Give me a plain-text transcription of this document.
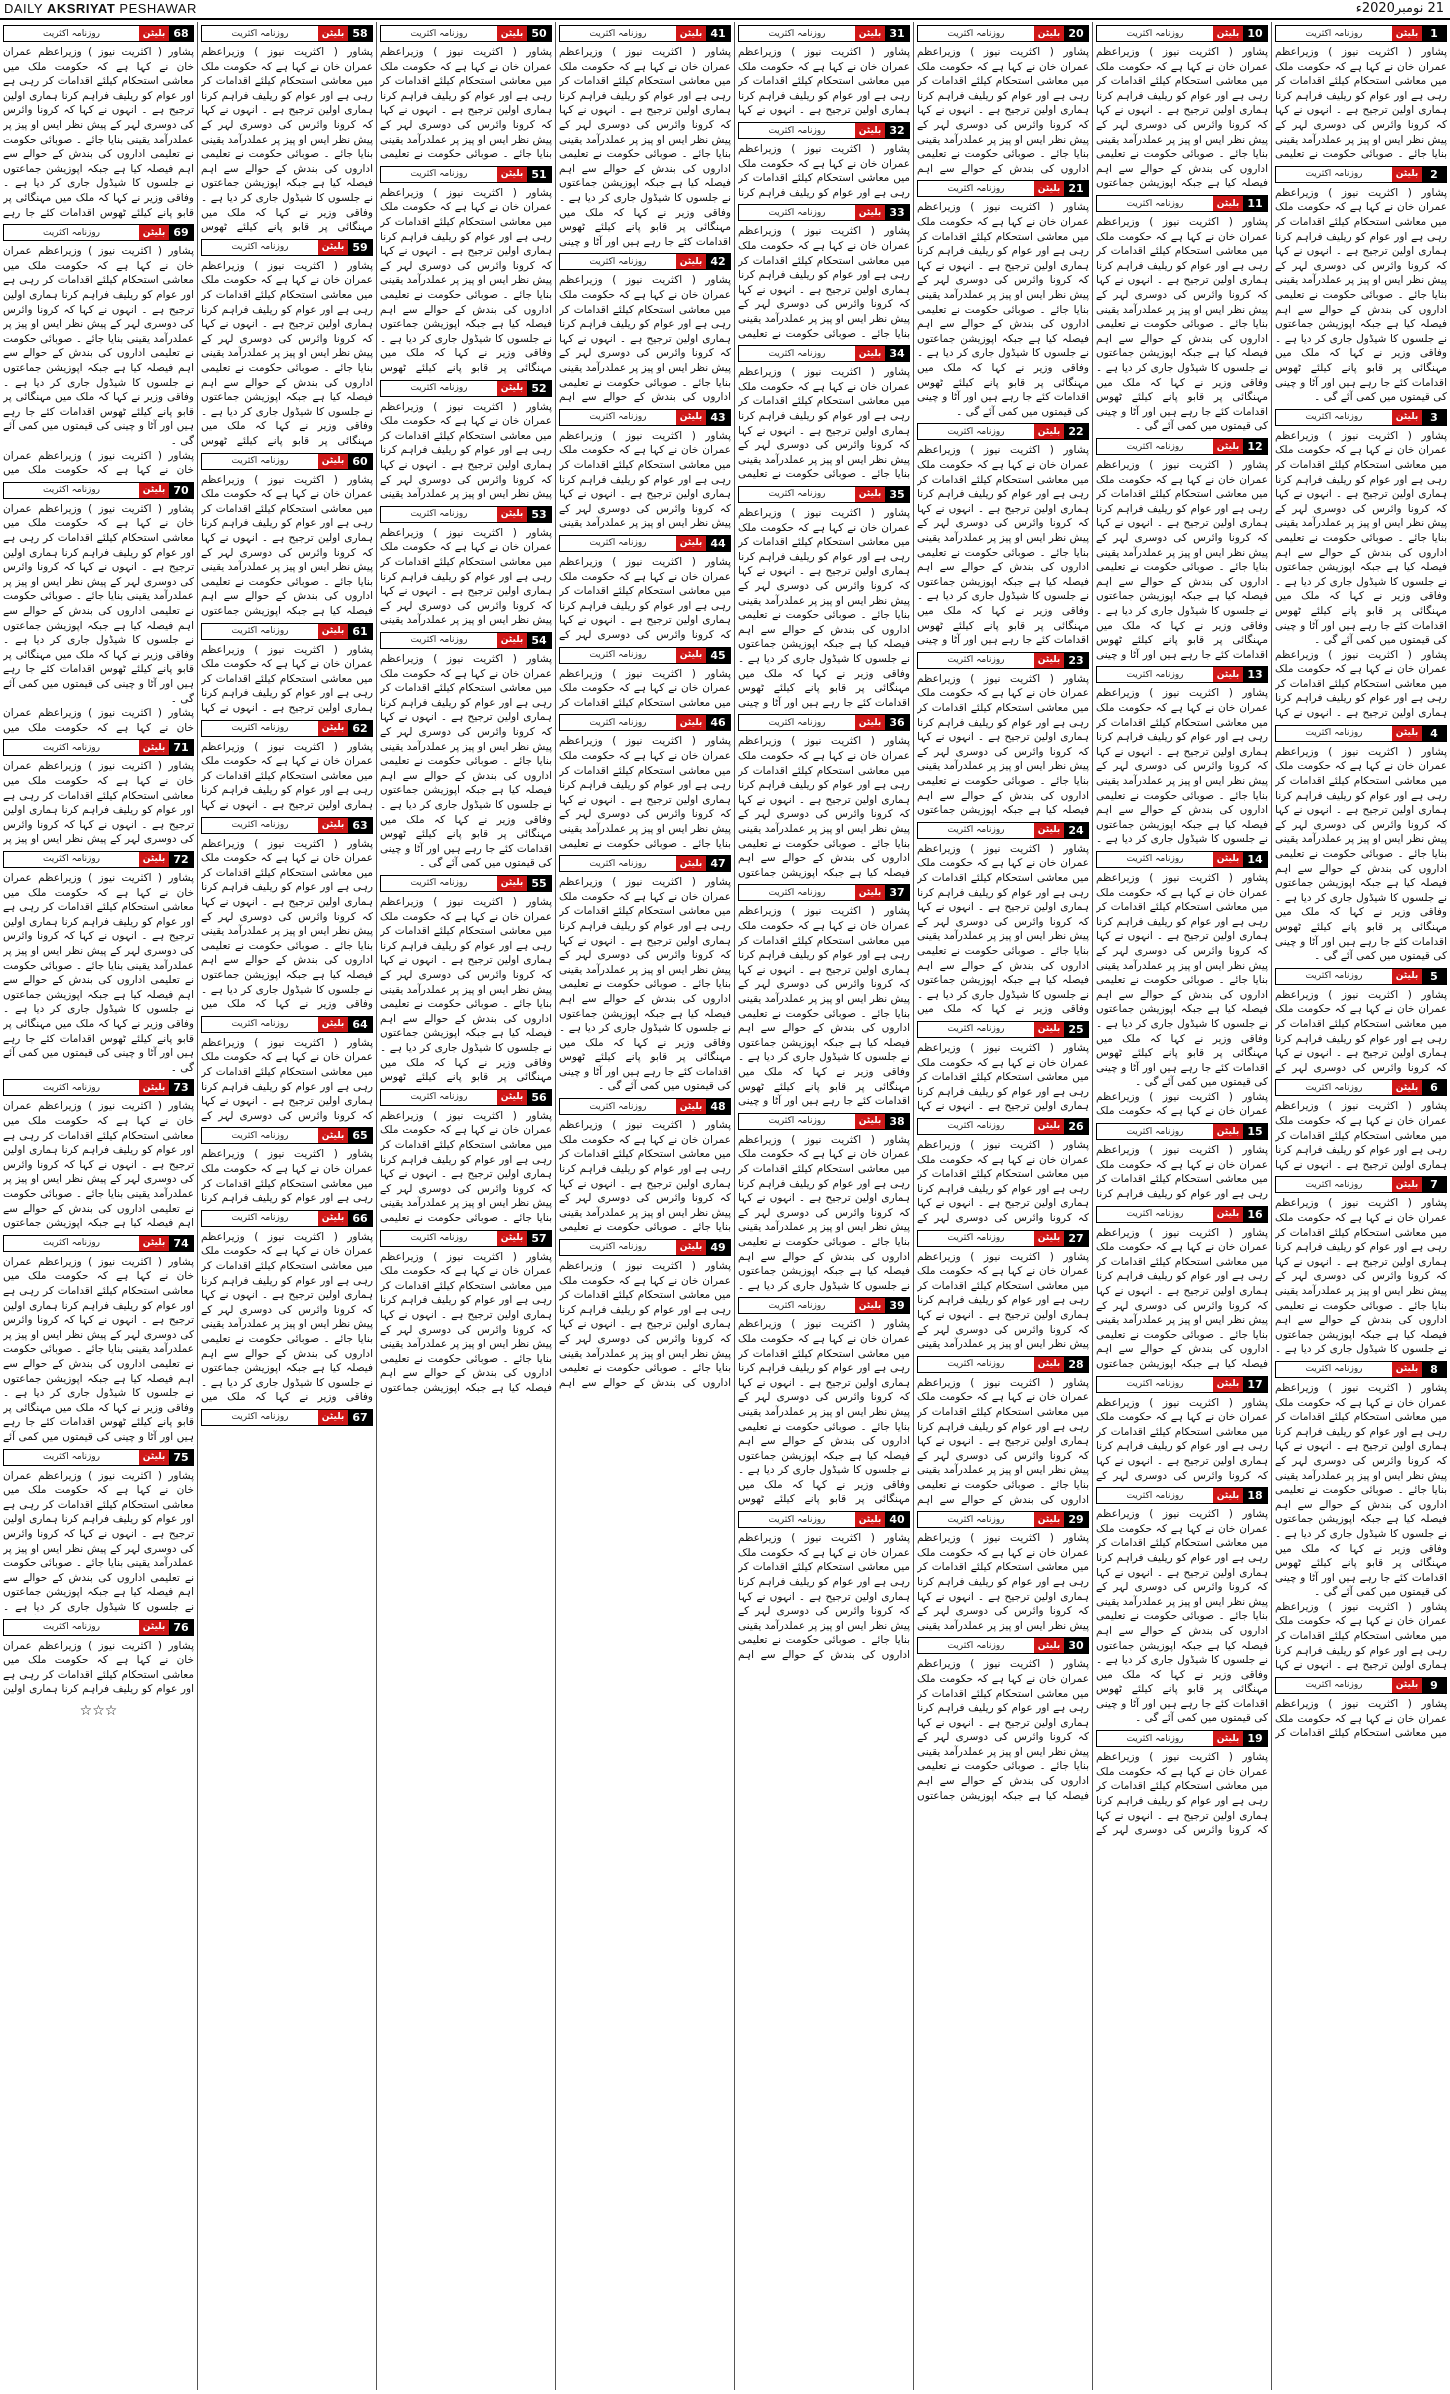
DAILY AKSRIYAT PESHAWAR	21 نومبر2020ء
1
بلیٹن
روزنامہ اکثریت

پشاور ( اکثریت نیوز ) وزیراعظم عمران خان نے کہا ہے کہ حکومت ملک میں معاشی استحکام کیلئے اقدامات کر رہی ہے اور عوام کو ریلیف فراہم کرنا ہماری اولین ترجیح ہے ۔ انہوں نے کہا کہ کرونا وائرس کی دوسری لہر کے پیش نظر ایس او پیز پر عملدرآمد یقینی بنایا جائے ۔ صوبائی حکومت نے تعلیمی

2
بلیٹن
روزنامہ اکثریت

پشاور ( اکثریت نیوز ) وزیراعظم عمران خان نے کہا ہے کہ حکومت ملک میں معاشی استحکام کیلئے اقدامات کر رہی ہے اور عوام کو ریلیف فراہم کرنا ہماری اولین ترجیح ہے ۔ انہوں نے کہا کہ کرونا وائرس کی دوسری لہر کے پیش نظر ایس او پیز پر عملدرآمد یقینی بنایا جائے ۔ صوبائی حکومت نے تعلیمی اداروں کی بندش کے حوالے سے اہم فیصلہ کیا ہے جبکہ اپوزیشن جماعتوں نے جلسوں کا شیڈول جاری کر دیا ہے ۔ وفاقی وزیر نے کہا کہ ملک میں مہنگائی پر قابو پانے کیلئے ٹھوس اقدامات کئے جا رہے ہیں اور آٹا و چینی کی قیمتوں میں کمی آئے گی ۔

3
بلیٹن
روزنامہ اکثریت

پشاور ( اکثریت نیوز ) وزیراعظم عمران خان نے کہا ہے کہ حکومت ملک میں معاشی استحکام کیلئے اقدامات کر رہی ہے اور عوام کو ریلیف فراہم کرنا ہماری اولین ترجیح ہے ۔ انہوں نے کہا کہ کرونا وائرس کی دوسری لہر کے پیش نظر ایس او پیز پر عملدرآمد یقینی بنایا جائے ۔ صوبائی حکومت نے تعلیمی اداروں کی بندش کے حوالے سے اہم فیصلہ کیا ہے جبکہ اپوزیشن جماعتوں نے جلسوں کا شیڈول جاری کر دیا ہے ۔ وفاقی وزیر نے کہا کہ ملک میں مہنگائی پر قابو پانے کیلئے ٹھوس اقدامات کئے جا رہے ہیں اور آٹا و چینی کی قیمتوں میں کمی آئے گی ۔

پشاور ( اکثریت نیوز ) وزیراعظم عمران خان نے کہا ہے کہ حکومت ملک میں معاشی استحکام کیلئے اقدامات کر رہی ہے اور عوام کو ریلیف فراہم کرنا ہماری اولین ترجیح ہے ۔ انہوں نے کہا

4
بلیٹن
روزنامہ اکثریت

پشاور ( اکثریت نیوز ) وزیراعظم عمران خان نے کہا ہے کہ حکومت ملک میں معاشی استحکام کیلئے اقدامات کر رہی ہے اور عوام کو ریلیف فراہم کرنا ہماری اولین ترجیح ہے ۔ انہوں نے کہا کہ کرونا وائرس کی دوسری لہر کے پیش نظر ایس او پیز پر عملدرآمد یقینی بنایا جائے ۔ صوبائی حکومت نے تعلیمی اداروں کی بندش کے حوالے سے اہم فیصلہ کیا ہے جبکہ اپوزیشن جماعتوں نے جلسوں کا شیڈول جاری کر دیا ہے ۔ وفاقی وزیر نے کہا کہ ملک میں مہنگائی پر قابو پانے کیلئے ٹھوس اقدامات کئے جا رہے ہیں اور آٹا و چینی کی قیمتوں میں کمی آئے گی ۔

5
بلیٹن
روزنامہ اکثریت

پشاور ( اکثریت نیوز ) وزیراعظم عمران خان نے کہا ہے کہ حکومت ملک میں معاشی استحکام کیلئے اقدامات کر رہی ہے اور عوام کو ریلیف فراہم کرنا ہماری اولین ترجیح ہے ۔ انہوں نے کہا کہ کرونا وائرس کی دوسری لہر کے

6
بلیٹن
روزنامہ اکثریت

پشاور ( اکثریت نیوز ) وزیراعظم عمران خان نے کہا ہے کہ حکومت ملک میں معاشی استحکام کیلئے اقدامات کر رہی ہے اور عوام کو ریلیف فراہم کرنا ہماری اولین ترجیح ہے ۔ انہوں نے کہا

7
بلیٹن
روزنامہ اکثریت

پشاور ( اکثریت نیوز ) وزیراعظم عمران خان نے کہا ہے کہ حکومت ملک میں معاشی استحکام کیلئے اقدامات کر رہی ہے اور عوام کو ریلیف فراہم کرنا ہماری اولین ترجیح ہے ۔ انہوں نے کہا کہ کرونا وائرس کی دوسری لہر کے پیش نظر ایس او پیز پر عملدرآمد یقینی بنایا جائے ۔ صوبائی حکومت نے تعلیمی اداروں کی بندش کے حوالے سے اہم فیصلہ کیا ہے جبکہ اپوزیشن جماعتوں نے جلسوں کا شیڈول جاری کر دیا ہے ۔

8
بلیٹن
روزنامہ اکثریت

پشاور ( اکثریت نیوز ) وزیراعظم عمران خان نے کہا ہے کہ حکومت ملک میں معاشی استحکام کیلئے اقدامات کر رہی ہے اور عوام کو ریلیف فراہم کرنا ہماری اولین ترجیح ہے ۔ انہوں نے کہا کہ کرونا وائرس کی دوسری لہر کے پیش نظر ایس او پیز پر عملدرآمد یقینی بنایا جائے ۔ صوبائی حکومت نے تعلیمی اداروں کی بندش کے حوالے سے اہم فیصلہ کیا ہے جبکہ اپوزیشن جماعتوں نے جلسوں کا شیڈول جاری کر دیا ہے ۔ وفاقی وزیر نے کہا کہ ملک میں مہنگائی پر قابو پانے کیلئے ٹھوس اقدامات کئے جا رہے ہیں اور آٹا و چینی کی قیمتوں میں کمی آئے گی ۔

پشاور ( اکثریت نیوز ) وزیراعظم عمران خان نے کہا ہے کہ حکومت ملک میں معاشی استحکام کیلئے اقدامات کر رہی ہے اور عوام کو ریلیف فراہم کرنا ہماری اولین ترجیح ہے ۔ انہوں نے کہا

9
بلیٹن
روزنامہ اکثریت

پشاور ( اکثریت نیوز ) وزیراعظم عمران خان نے کہا ہے کہ حکومت ملک میں معاشی استحکام کیلئے اقدامات کر

10
بلیٹن
روزنامہ اکثریت

پشاور ( اکثریت نیوز ) وزیراعظم عمران خان نے کہا ہے کہ حکومت ملک میں معاشی استحکام کیلئے اقدامات کر رہی ہے اور عوام کو ریلیف فراہم کرنا ہماری اولین ترجیح ہے ۔ انہوں نے کہا کہ کرونا وائرس کی دوسری لہر کے پیش نظر ایس او پیز پر عملدرآمد یقینی بنایا جائے ۔ صوبائی حکومت نے تعلیمی اداروں کی بندش کے حوالے سے اہم فیصلہ کیا ہے جبکہ اپوزیشن جماعتوں

11
بلیٹن
روزنامہ اکثریت

پشاور ( اکثریت نیوز ) وزیراعظم عمران خان نے کہا ہے کہ حکومت ملک میں معاشی استحکام کیلئے اقدامات کر رہی ہے اور عوام کو ریلیف فراہم کرنا ہماری اولین ترجیح ہے ۔ انہوں نے کہا کہ کرونا وائرس کی دوسری لہر کے پیش نظر ایس او پیز پر عملدرآمد یقینی بنایا جائے ۔ صوبائی حکومت نے تعلیمی اداروں کی بندش کے حوالے سے اہم فیصلہ کیا ہے جبکہ اپوزیشن جماعتوں نے جلسوں کا شیڈول جاری کر دیا ہے ۔ وفاقی وزیر نے کہا کہ ملک میں مہنگائی پر قابو پانے کیلئے ٹھوس اقدامات کئے جا رہے ہیں اور آٹا و چینی کی قیمتوں میں کمی آئے گی ۔

12
بلیٹن
روزنامہ اکثریت

پشاور ( اکثریت نیوز ) وزیراعظم عمران خان نے کہا ہے کہ حکومت ملک میں معاشی استحکام کیلئے اقدامات کر رہی ہے اور عوام کو ریلیف فراہم کرنا ہماری اولین ترجیح ہے ۔ انہوں نے کہا کہ کرونا وائرس کی دوسری لہر کے پیش نظر ایس او پیز پر عملدرآمد یقینی بنایا جائے ۔ صوبائی حکومت نے تعلیمی اداروں کی بندش کے حوالے سے اہم فیصلہ کیا ہے جبکہ اپوزیشن جماعتوں نے جلسوں کا شیڈول جاری کر دیا ہے ۔ وفاقی وزیر نے کہا کہ ملک میں مہنگائی پر قابو پانے کیلئے ٹھوس اقدامات کئے جا رہے ہیں اور آٹا و چینی

13
بلیٹن
روزنامہ اکثریت

پشاور ( اکثریت نیوز ) وزیراعظم عمران خان نے کہا ہے کہ حکومت ملک میں معاشی استحکام کیلئے اقدامات کر رہی ہے اور عوام کو ریلیف فراہم کرنا ہماری اولین ترجیح ہے ۔ انہوں نے کہا کہ کرونا وائرس کی دوسری لہر کے پیش نظر ایس او پیز پر عملدرآمد یقینی بنایا جائے ۔ صوبائی حکومت نے تعلیمی اداروں کی بندش کے حوالے سے اہم فیصلہ کیا ہے جبکہ اپوزیشن جماعتوں نے جلسوں کا شیڈول جاری کر دیا ہے ۔

14
بلیٹن
روزنامہ اکثریت

پشاور ( اکثریت نیوز ) وزیراعظم عمران خان نے کہا ہے کہ حکومت ملک میں معاشی استحکام کیلئے اقدامات کر رہی ہے اور عوام کو ریلیف فراہم کرنا ہماری اولین ترجیح ہے ۔ انہوں نے کہا کہ کرونا وائرس کی دوسری لہر کے پیش نظر ایس او پیز پر عملدرآمد یقینی بنایا جائے ۔ صوبائی حکومت نے تعلیمی اداروں کی بندش کے حوالے سے اہم فیصلہ کیا ہے جبکہ اپوزیشن جماعتوں نے جلسوں کا شیڈول جاری کر دیا ہے ۔ وفاقی وزیر نے کہا کہ ملک میں مہنگائی پر قابو پانے کیلئے ٹھوس اقدامات کئے جا رہے ہیں اور آٹا و چینی کی قیمتوں میں کمی آئے گی ۔

پشاور ( اکثریت نیوز ) وزیراعظم عمران خان نے کہا ہے کہ حکومت ملک

15
بلیٹن
روزنامہ اکثریت

پشاور ( اکثریت نیوز ) وزیراعظم عمران خان نے کہا ہے کہ حکومت ملک میں معاشی استحکام کیلئے اقدامات کر رہی ہے اور عوام کو ریلیف فراہم کرنا

16
بلیٹن
روزنامہ اکثریت

پشاور ( اکثریت نیوز ) وزیراعظم عمران خان نے کہا ہے کہ حکومت ملک میں معاشی استحکام کیلئے اقدامات کر رہی ہے اور عوام کو ریلیف فراہم کرنا ہماری اولین ترجیح ہے ۔ انہوں نے کہا کہ کرونا وائرس کی دوسری لہر کے پیش نظر ایس او پیز پر عملدرآمد یقینی بنایا جائے ۔ صوبائی حکومت نے تعلیمی اداروں کی بندش کے حوالے سے اہم فیصلہ کیا ہے جبکہ اپوزیشن جماعتوں

17
بلیٹن
روزنامہ اکثریت

پشاور ( اکثریت نیوز ) وزیراعظم عمران خان نے کہا ہے کہ حکومت ملک میں معاشی استحکام کیلئے اقدامات کر رہی ہے اور عوام کو ریلیف فراہم کرنا ہماری اولین ترجیح ہے ۔ انہوں نے کہا کہ کرونا وائرس کی دوسری لہر کے

18
بلیٹن
روزنامہ اکثریت

پشاور ( اکثریت نیوز ) وزیراعظم عمران خان نے کہا ہے کہ حکومت ملک میں معاشی استحکام کیلئے اقدامات کر رہی ہے اور عوام کو ریلیف فراہم کرنا ہماری اولین ترجیح ہے ۔ انہوں نے کہا کہ کرونا وائرس کی دوسری لہر کے پیش نظر ایس او پیز پر عملدرآمد یقینی بنایا جائے ۔ صوبائی حکومت نے تعلیمی اداروں کی بندش کے حوالے سے اہم فیصلہ کیا ہے جبکہ اپوزیشن جماعتوں نے جلسوں کا شیڈول جاری کر دیا ہے ۔ وفاقی وزیر نے کہا کہ ملک میں مہنگائی پر قابو پانے کیلئے ٹھوس اقدامات کئے جا رہے ہیں اور آٹا و چینی کی قیمتوں میں کمی آئے گی ۔

19
بلیٹن
روزنامہ اکثریت

پشاور ( اکثریت نیوز ) وزیراعظم عمران خان نے کہا ہے کہ حکومت ملک میں معاشی استحکام کیلئے اقدامات کر رہی ہے اور عوام کو ریلیف فراہم کرنا ہماری اولین ترجیح ہے ۔ انہوں نے کہا کہ کرونا وائرس کی دوسری لہر کے

20
بلیٹن
روزنامہ اکثریت

پشاور ( اکثریت نیوز ) وزیراعظم عمران خان نے کہا ہے کہ حکومت ملک میں معاشی استحکام کیلئے اقدامات کر رہی ہے اور عوام کو ریلیف فراہم کرنا ہماری اولین ترجیح ہے ۔ انہوں نے کہا کہ کرونا وائرس کی دوسری لہر کے پیش نظر ایس او پیز پر عملدرآمد یقینی بنایا جائے ۔ صوبائی حکومت نے تعلیمی اداروں کی بندش کے حوالے سے اہم

21
بلیٹن
روزنامہ اکثریت

پشاور ( اکثریت نیوز ) وزیراعظم عمران خان نے کہا ہے کہ حکومت ملک میں معاشی استحکام کیلئے اقدامات کر رہی ہے اور عوام کو ریلیف فراہم کرنا ہماری اولین ترجیح ہے ۔ انہوں نے کہا کہ کرونا وائرس کی دوسری لہر کے پیش نظر ایس او پیز پر عملدرآمد یقینی بنایا جائے ۔ صوبائی حکومت نے تعلیمی اداروں کی بندش کے حوالے سے اہم فیصلہ کیا ہے جبکہ اپوزیشن جماعتوں نے جلسوں کا شیڈول جاری کر دیا ہے ۔ وفاقی وزیر نے کہا کہ ملک میں مہنگائی پر قابو پانے کیلئے ٹھوس اقدامات کئے جا رہے ہیں اور آٹا و چینی کی قیمتوں میں کمی آئے گی ۔

22
بلیٹن
روزنامہ اکثریت

پشاور ( اکثریت نیوز ) وزیراعظم عمران خان نے کہا ہے کہ حکومت ملک میں معاشی استحکام کیلئے اقدامات کر رہی ہے اور عوام کو ریلیف فراہم کرنا ہماری اولین ترجیح ہے ۔ انہوں نے کہا کہ کرونا وائرس کی دوسری لہر کے پیش نظر ایس او پیز پر عملدرآمد یقینی بنایا جائے ۔ صوبائی حکومت نے تعلیمی اداروں کی بندش کے حوالے سے اہم فیصلہ کیا ہے جبکہ اپوزیشن جماعتوں نے جلسوں کا شیڈول جاری کر دیا ہے ۔ وفاقی وزیر نے کہا کہ ملک میں مہنگائی پر قابو پانے کیلئے ٹھوس اقدامات کئے جا رہے ہیں اور آٹا و چینی

23
بلیٹن
روزنامہ اکثریت

پشاور ( اکثریت نیوز ) وزیراعظم عمران خان نے کہا ہے کہ حکومت ملک میں معاشی استحکام کیلئے اقدامات کر رہی ہے اور عوام کو ریلیف فراہم کرنا ہماری اولین ترجیح ہے ۔ انہوں نے کہا کہ کرونا وائرس کی دوسری لہر کے پیش نظر ایس او پیز پر عملدرآمد یقینی بنایا جائے ۔ صوبائی حکومت نے تعلیمی اداروں کی بندش کے حوالے سے اہم فیصلہ کیا ہے جبکہ اپوزیشن جماعتوں

24
بلیٹن
روزنامہ اکثریت

پشاور ( اکثریت نیوز ) وزیراعظم عمران خان نے کہا ہے کہ حکومت ملک میں معاشی استحکام کیلئے اقدامات کر رہی ہے اور عوام کو ریلیف فراہم کرنا ہماری اولین ترجیح ہے ۔ انہوں نے کہا کہ کرونا وائرس کی دوسری لہر کے پیش نظر ایس او پیز پر عملدرآمد یقینی بنایا جائے ۔ صوبائی حکومت نے تعلیمی اداروں کی بندش کے حوالے سے اہم فیصلہ کیا ہے جبکہ اپوزیشن جماعتوں نے جلسوں کا شیڈول جاری کر دیا ہے ۔ وفاقی وزیر نے کہا کہ ملک میں

25
بلیٹن
روزنامہ اکثریت

پشاور ( اکثریت نیوز ) وزیراعظم عمران خان نے کہا ہے کہ حکومت ملک میں معاشی استحکام کیلئے اقدامات کر رہی ہے اور عوام کو ریلیف فراہم کرنا ہماری اولین ترجیح ہے ۔ انہوں نے کہا

26
بلیٹن
روزنامہ اکثریت

پشاور ( اکثریت نیوز ) وزیراعظم عمران خان نے کہا ہے کہ حکومت ملک میں معاشی استحکام کیلئے اقدامات کر رہی ہے اور عوام کو ریلیف فراہم کرنا ہماری اولین ترجیح ہے ۔ انہوں نے کہا کہ کرونا وائرس کی دوسری لہر کے

27
بلیٹن
روزنامہ اکثریت

پشاور ( اکثریت نیوز ) وزیراعظم عمران خان نے کہا ہے کہ حکومت ملک میں معاشی استحکام کیلئے اقدامات کر رہی ہے اور عوام کو ریلیف فراہم کرنا ہماری اولین ترجیح ہے ۔ انہوں نے کہا کہ کرونا وائرس کی دوسری لہر کے پیش نظر ایس او پیز پر عملدرآمد یقینی

28
بلیٹن
روزنامہ اکثریت

پشاور ( اکثریت نیوز ) وزیراعظم عمران خان نے کہا ہے کہ حکومت ملک میں معاشی استحکام کیلئے اقدامات کر رہی ہے اور عوام کو ریلیف فراہم کرنا ہماری اولین ترجیح ہے ۔ انہوں نے کہا کہ کرونا وائرس کی دوسری لہر کے پیش نظر ایس او پیز پر عملدرآمد یقینی بنایا جائے ۔ صوبائی حکومت نے تعلیمی اداروں کی بندش کے حوالے سے اہم

29
بلیٹن
روزنامہ اکثریت

پشاور ( اکثریت نیوز ) وزیراعظم عمران خان نے کہا ہے کہ حکومت ملک میں معاشی استحکام کیلئے اقدامات کر رہی ہے اور عوام کو ریلیف فراہم کرنا ہماری اولین ترجیح ہے ۔ انہوں نے کہا کہ کرونا وائرس کی دوسری لہر کے پیش نظر ایس او پیز پر عملدرآمد یقینی

30
بلیٹن
روزنامہ اکثریت

پشاور ( اکثریت نیوز ) وزیراعظم عمران خان نے کہا ہے کہ حکومت ملک میں معاشی استحکام کیلئے اقدامات کر رہی ہے اور عوام کو ریلیف فراہم کرنا ہماری اولین ترجیح ہے ۔ انہوں نے کہا کہ کرونا وائرس کی دوسری لہر کے پیش نظر ایس او پیز پر عملدرآمد یقینی بنایا جائے ۔ صوبائی حکومت نے تعلیمی اداروں کی بندش کے حوالے سے اہم فیصلہ کیا ہے جبکہ اپوزیشن جماعتوں

31
بلیٹن
روزنامہ اکثریت

پشاور ( اکثریت نیوز ) وزیراعظم عمران خان نے کہا ہے کہ حکومت ملک میں معاشی استحکام کیلئے اقدامات کر رہی ہے اور عوام کو ریلیف فراہم کرنا ہماری اولین ترجیح ہے ۔ انہوں نے کہا

32
بلیٹن
روزنامہ اکثریت

پشاور ( اکثریت نیوز ) وزیراعظم عمران خان نے کہا ہے کہ حکومت ملک میں معاشی استحکام کیلئے اقدامات کر رہی ہے اور عوام کو ریلیف فراہم کرنا

33
بلیٹن
روزنامہ اکثریت

پشاور ( اکثریت نیوز ) وزیراعظم عمران خان نے کہا ہے کہ حکومت ملک میں معاشی استحکام کیلئے اقدامات کر رہی ہے اور عوام کو ریلیف فراہم کرنا ہماری اولین ترجیح ہے ۔ انہوں نے کہا کہ کرونا وائرس کی دوسری لہر کے پیش نظر ایس او پیز پر عملدرآمد یقینی بنایا جائے ۔ صوبائی حکومت نے تعلیمی

34
بلیٹن
روزنامہ اکثریت

پشاور ( اکثریت نیوز ) وزیراعظم عمران خان نے کہا ہے کہ حکومت ملک میں معاشی استحکام کیلئے اقدامات کر رہی ہے اور عوام کو ریلیف فراہم کرنا ہماری اولین ترجیح ہے ۔ انہوں نے کہا کہ کرونا وائرس کی دوسری لہر کے پیش نظر ایس او پیز پر عملدرآمد یقینی بنایا جائے ۔ صوبائی حکومت نے تعلیمی

35
بلیٹن
روزنامہ اکثریت

پشاور ( اکثریت نیوز ) وزیراعظم عمران خان نے کہا ہے کہ حکومت ملک میں معاشی استحکام کیلئے اقدامات کر رہی ہے اور عوام کو ریلیف فراہم کرنا ہماری اولین ترجیح ہے ۔ انہوں نے کہا کہ کرونا وائرس کی دوسری لہر کے پیش نظر ایس او پیز پر عملدرآمد یقینی بنایا جائے ۔ صوبائی حکومت نے تعلیمی اداروں کی بندش کے حوالے سے اہم فیصلہ کیا ہے جبکہ اپوزیشن جماعتوں نے جلسوں کا شیڈول جاری کر دیا ہے ۔ وفاقی وزیر نے کہا کہ ملک میں مہنگائی پر قابو پانے کیلئے ٹھوس اقدامات کئے جا رہے ہیں اور آٹا و چینی

36
بلیٹن
روزنامہ اکثریت

پشاور ( اکثریت نیوز ) وزیراعظم عمران خان نے کہا ہے کہ حکومت ملک میں معاشی استحکام کیلئے اقدامات کر رہی ہے اور عوام کو ریلیف فراہم کرنا ہماری اولین ترجیح ہے ۔ انہوں نے کہا کہ کرونا وائرس کی دوسری لہر کے پیش نظر ایس او پیز پر عملدرآمد یقینی بنایا جائے ۔ صوبائی حکومت نے تعلیمی اداروں کی بندش کے حوالے سے اہم فیصلہ کیا ہے جبکہ اپوزیشن جماعتوں

37
بلیٹن
روزنامہ اکثریت

پشاور ( اکثریت نیوز ) وزیراعظم عمران خان نے کہا ہے کہ حکومت ملک میں معاشی استحکام کیلئے اقدامات کر رہی ہے اور عوام کو ریلیف فراہم کرنا ہماری اولین ترجیح ہے ۔ انہوں نے کہا کہ کرونا وائرس کی دوسری لہر کے پیش نظر ایس او پیز پر عملدرآمد یقینی بنایا جائے ۔ صوبائی حکومت نے تعلیمی اداروں کی بندش کے حوالے سے اہم فیصلہ کیا ہے جبکہ اپوزیشن جماعتوں نے جلسوں کا شیڈول جاری کر دیا ہے ۔ وفاقی وزیر نے کہا کہ ملک میں مہنگائی پر قابو پانے کیلئے ٹھوس اقدامات کئے جا رہے ہیں اور آٹا و چینی

38
بلیٹن
روزنامہ اکثریت

پشاور ( اکثریت نیوز ) وزیراعظم عمران خان نے کہا ہے کہ حکومت ملک میں معاشی استحکام کیلئے اقدامات کر رہی ہے اور عوام کو ریلیف فراہم کرنا ہماری اولین ترجیح ہے ۔ انہوں نے کہا کہ کرونا وائرس کی دوسری لہر کے پیش نظر ایس او پیز پر عملدرآمد یقینی بنایا جائے ۔ صوبائی حکومت نے تعلیمی اداروں کی بندش کے حوالے سے اہم فیصلہ کیا ہے جبکہ اپوزیشن جماعتوں نے جلسوں کا شیڈول جاری کر دیا ہے ۔

39
بلیٹن
روزنامہ اکثریت

پشاور ( اکثریت نیوز ) وزیراعظم عمران خان نے کہا ہے کہ حکومت ملک میں معاشی استحکام کیلئے اقدامات کر رہی ہے اور عوام کو ریلیف فراہم کرنا ہماری اولین ترجیح ہے ۔ انہوں نے کہا کہ کرونا وائرس کی دوسری لہر کے پیش نظر ایس او پیز پر عملدرآمد یقینی بنایا جائے ۔ صوبائی حکومت نے تعلیمی اداروں کی بندش کے حوالے سے اہم فیصلہ کیا ہے جبکہ اپوزیشن جماعتوں نے جلسوں کا شیڈول جاری کر دیا ہے ۔ وفاقی وزیر نے کہا کہ ملک میں مہنگائی پر قابو پانے کیلئے ٹھوس

40
بلیٹن
روزنامہ اکثریت

پشاور ( اکثریت نیوز ) وزیراعظم عمران خان نے کہا ہے کہ حکومت ملک میں معاشی استحکام کیلئے اقدامات کر رہی ہے اور عوام کو ریلیف فراہم کرنا ہماری اولین ترجیح ہے ۔ انہوں نے کہا کہ کرونا وائرس کی دوسری لہر کے پیش نظر ایس او پیز پر عملدرآمد یقینی بنایا جائے ۔ صوبائی حکومت نے تعلیمی اداروں کی بندش کے حوالے سے اہم

41
بلیٹن
روزنامہ اکثریت

پشاور ( اکثریت نیوز ) وزیراعظم عمران خان نے کہا ہے کہ حکومت ملک میں معاشی استحکام کیلئے اقدامات کر رہی ہے اور عوام کو ریلیف فراہم کرنا ہماری اولین ترجیح ہے ۔ انہوں نے کہا کہ کرونا وائرس کی دوسری لہر کے پیش نظر ایس او پیز پر عملدرآمد یقینی بنایا جائے ۔ صوبائی حکومت نے تعلیمی اداروں کی بندش کے حوالے سے اہم فیصلہ کیا ہے جبکہ اپوزیشن جماعتوں نے جلسوں کا شیڈول جاری کر دیا ہے ۔ وفاقی وزیر نے کہا کہ ملک میں مہنگائی پر قابو پانے کیلئے ٹھوس اقدامات کئے جا رہے ہیں اور آٹا و چینی

42
بلیٹن
روزنامہ اکثریت

پشاور ( اکثریت نیوز ) وزیراعظم عمران خان نے کہا ہے کہ حکومت ملک میں معاشی استحکام کیلئے اقدامات کر رہی ہے اور عوام کو ریلیف فراہم کرنا ہماری اولین ترجیح ہے ۔ انہوں نے کہا کہ کرونا وائرس کی دوسری لہر کے پیش نظر ایس او پیز پر عملدرآمد یقینی بنایا جائے ۔ صوبائی حکومت نے تعلیمی اداروں کی بندش کے حوالے سے اہم

43
بلیٹن
روزنامہ اکثریت

پشاور ( اکثریت نیوز ) وزیراعظم عمران خان نے کہا ہے کہ حکومت ملک میں معاشی استحکام کیلئے اقدامات کر رہی ہے اور عوام کو ریلیف فراہم کرنا ہماری اولین ترجیح ہے ۔ انہوں نے کہا کہ کرونا وائرس کی دوسری لہر کے پیش نظر ایس او پیز پر عملدرآمد یقینی

44
بلیٹن
روزنامہ اکثریت

پشاور ( اکثریت نیوز ) وزیراعظم عمران خان نے کہا ہے کہ حکومت ملک میں معاشی استحکام کیلئے اقدامات کر رہی ہے اور عوام کو ریلیف فراہم کرنا ہماری اولین ترجیح ہے ۔ انہوں نے کہا کہ کرونا وائرس کی دوسری لہر کے

45
بلیٹن
روزنامہ اکثریت

پشاور ( اکثریت نیوز ) وزیراعظم عمران خان نے کہا ہے کہ حکومت ملک میں معاشی استحکام کیلئے اقدامات کر

46
بلیٹن
روزنامہ اکثریت

پشاور ( اکثریت نیوز ) وزیراعظم عمران خان نے کہا ہے کہ حکومت ملک میں معاشی استحکام کیلئے اقدامات کر رہی ہے اور عوام کو ریلیف فراہم کرنا ہماری اولین ترجیح ہے ۔ انہوں نے کہا کہ کرونا وائرس کی دوسری لہر کے پیش نظر ایس او پیز پر عملدرآمد یقینی بنایا جائے ۔ صوبائی حکومت نے تعلیمی

47
بلیٹن
روزنامہ اکثریت

پشاور ( اکثریت نیوز ) وزیراعظم عمران خان نے کہا ہے کہ حکومت ملک میں معاشی استحکام کیلئے اقدامات کر رہی ہے اور عوام کو ریلیف فراہم کرنا ہماری اولین ترجیح ہے ۔ انہوں نے کہا کہ کرونا وائرس کی دوسری لہر کے پیش نظر ایس او پیز پر عملدرآمد یقینی بنایا جائے ۔ صوبائی حکومت نے تعلیمی اداروں کی بندش کے حوالے سے اہم فیصلہ کیا ہے جبکہ اپوزیشن جماعتوں نے جلسوں کا شیڈول جاری کر دیا ہے ۔ وفاقی وزیر نے کہا کہ ملک میں مہنگائی پر قابو پانے کیلئے ٹھوس اقدامات کئے جا رہے ہیں اور آٹا و چینی کی قیمتوں میں کمی آئے گی ۔

48
بلیٹن
روزنامہ اکثریت

پشاور ( اکثریت نیوز ) وزیراعظم عمران خان نے کہا ہے کہ حکومت ملک میں معاشی استحکام کیلئے اقدامات کر رہی ہے اور عوام کو ریلیف فراہم کرنا ہماری اولین ترجیح ہے ۔ انہوں نے کہا کہ کرونا وائرس کی دوسری لہر کے پیش نظر ایس او پیز پر عملدرآمد یقینی بنایا جائے ۔ صوبائی حکومت نے تعلیمی

49
بلیٹن
روزنامہ اکثریت

پشاور ( اکثریت نیوز ) وزیراعظم عمران خان نے کہا ہے کہ حکومت ملک میں معاشی استحکام کیلئے اقدامات کر رہی ہے اور عوام کو ریلیف فراہم کرنا ہماری اولین ترجیح ہے ۔ انہوں نے کہا کہ کرونا وائرس کی دوسری لہر کے پیش نظر ایس او پیز پر عملدرآمد یقینی بنایا جائے ۔ صوبائی حکومت نے تعلیمی اداروں کی بندش کے حوالے سے اہم

50
بلیٹن
روزنامہ اکثریت

پشاور ( اکثریت نیوز ) وزیراعظم عمران خان نے کہا ہے کہ حکومت ملک میں معاشی استحکام کیلئے اقدامات کر رہی ہے اور عوام کو ریلیف فراہم کرنا ہماری اولین ترجیح ہے ۔ انہوں نے کہا کہ کرونا وائرس کی دوسری لہر کے پیش نظر ایس او پیز پر عملدرآمد یقینی بنایا جائے ۔ صوبائی حکومت نے تعلیمی

51
بلیٹن
روزنامہ اکثریت

پشاور ( اکثریت نیوز ) وزیراعظم عمران خان نے کہا ہے کہ حکومت ملک میں معاشی استحکام کیلئے اقدامات کر رہی ہے اور عوام کو ریلیف فراہم کرنا ہماری اولین ترجیح ہے ۔ انہوں نے کہا کہ کرونا وائرس کی دوسری لہر کے پیش نظر ایس او پیز پر عملدرآمد یقینی بنایا جائے ۔ صوبائی حکومت نے تعلیمی اداروں کی بندش کے حوالے سے اہم فیصلہ کیا ہے جبکہ اپوزیشن جماعتوں نے جلسوں کا شیڈول جاری کر دیا ہے ۔ وفاقی وزیر نے کہا کہ ملک میں مہنگائی پر قابو پانے کیلئے ٹھوس

52
بلیٹن
روزنامہ اکثریت

پشاور ( اکثریت نیوز ) وزیراعظم عمران خان نے کہا ہے کہ حکومت ملک میں معاشی استحکام کیلئے اقدامات کر رہی ہے اور عوام کو ریلیف فراہم کرنا ہماری اولین ترجیح ہے ۔ انہوں نے کہا کہ کرونا وائرس کی دوسری لہر کے پیش نظر ایس او پیز پر عملدرآمد یقینی

53
بلیٹن
روزنامہ اکثریت

پشاور ( اکثریت نیوز ) وزیراعظم عمران خان نے کہا ہے کہ حکومت ملک میں معاشی استحکام کیلئے اقدامات کر رہی ہے اور عوام کو ریلیف فراہم کرنا ہماری اولین ترجیح ہے ۔ انہوں نے کہا کہ کرونا وائرس کی دوسری لہر کے پیش نظر ایس او پیز پر عملدرآمد یقینی

54
بلیٹن
روزنامہ اکثریت

پشاور ( اکثریت نیوز ) وزیراعظم عمران خان نے کہا ہے کہ حکومت ملک میں معاشی استحکام کیلئے اقدامات کر رہی ہے اور عوام کو ریلیف فراہم کرنا ہماری اولین ترجیح ہے ۔ انہوں نے کہا کہ کرونا وائرس کی دوسری لہر کے پیش نظر ایس او پیز پر عملدرآمد یقینی بنایا جائے ۔ صوبائی حکومت نے تعلیمی اداروں کی بندش کے حوالے سے اہم فیصلہ کیا ہے جبکہ اپوزیشن جماعتوں نے جلسوں کا شیڈول جاری کر دیا ہے ۔ وفاقی وزیر نے کہا کہ ملک میں مہنگائی پر قابو پانے کیلئے ٹھوس اقدامات کئے جا رہے ہیں اور آٹا و چینی کی قیمتوں میں کمی آئے گی ۔

55
بلیٹن
روزنامہ اکثریت

پشاور ( اکثریت نیوز ) وزیراعظم عمران خان نے کہا ہے کہ حکومت ملک میں معاشی استحکام کیلئے اقدامات کر رہی ہے اور عوام کو ریلیف فراہم کرنا ہماری اولین ترجیح ہے ۔ انہوں نے کہا کہ کرونا وائرس کی دوسری لہر کے پیش نظر ایس او پیز پر عملدرآمد یقینی بنایا جائے ۔ صوبائی حکومت نے تعلیمی اداروں کی بندش کے حوالے سے اہم فیصلہ کیا ہے جبکہ اپوزیشن جماعتوں نے جلسوں کا شیڈول جاری کر دیا ہے ۔ وفاقی وزیر نے کہا کہ ملک میں مہنگائی پر قابو پانے کیلئے ٹھوس

56
بلیٹن
روزنامہ اکثریت

پشاور ( اکثریت نیوز ) وزیراعظم عمران خان نے کہا ہے کہ حکومت ملک میں معاشی استحکام کیلئے اقدامات کر رہی ہے اور عوام کو ریلیف فراہم کرنا ہماری اولین ترجیح ہے ۔ انہوں نے کہا کہ کرونا وائرس کی دوسری لہر کے پیش نظر ایس او پیز پر عملدرآمد یقینی بنایا جائے ۔ صوبائی حکومت نے تعلیمی

57
بلیٹن
روزنامہ اکثریت

پشاور ( اکثریت نیوز ) وزیراعظم عمران خان نے کہا ہے کہ حکومت ملک میں معاشی استحکام کیلئے اقدامات کر رہی ہے اور عوام کو ریلیف فراہم کرنا ہماری اولین ترجیح ہے ۔ انہوں نے کہا کہ کرونا وائرس کی دوسری لہر کے پیش نظر ایس او پیز پر عملدرآمد یقینی بنایا جائے ۔ صوبائی حکومت نے تعلیمی اداروں کی بندش کے حوالے سے اہم فیصلہ کیا ہے جبکہ اپوزیشن جماعتوں

58
بلیٹن
روزنامہ اکثریت

پشاور ( اکثریت نیوز ) وزیراعظم عمران خان نے کہا ہے کہ حکومت ملک میں معاشی استحکام کیلئے اقدامات کر رہی ہے اور عوام کو ریلیف فراہم کرنا ہماری اولین ترجیح ہے ۔ انہوں نے کہا کہ کرونا وائرس کی دوسری لہر کے پیش نظر ایس او پیز پر عملدرآمد یقینی بنایا جائے ۔ صوبائی حکومت نے تعلیمی اداروں کی بندش کے حوالے سے اہم فیصلہ کیا ہے جبکہ اپوزیشن جماعتوں نے جلسوں کا شیڈول جاری کر دیا ہے ۔ وفاقی وزیر نے کہا کہ ملک میں مہنگائی پر قابو پانے کیلئے ٹھوس

59
بلیٹن
روزنامہ اکثریت

پشاور ( اکثریت نیوز ) وزیراعظم عمران خان نے کہا ہے کہ حکومت ملک میں معاشی استحکام کیلئے اقدامات کر رہی ہے اور عوام کو ریلیف فراہم کرنا ہماری اولین ترجیح ہے ۔ انہوں نے کہا کہ کرونا وائرس کی دوسری لہر کے پیش نظر ایس او پیز پر عملدرآمد یقینی بنایا جائے ۔ صوبائی حکومت نے تعلیمی اداروں کی بندش کے حوالے سے اہم فیصلہ کیا ہے جبکہ اپوزیشن جماعتوں نے جلسوں کا شیڈول جاری کر دیا ہے ۔ وفاقی وزیر نے کہا کہ ملک میں مہنگائی پر قابو پانے کیلئے ٹھوس

60
بلیٹن
روزنامہ اکثریت

پشاور ( اکثریت نیوز ) وزیراعظم عمران خان نے کہا ہے کہ حکومت ملک میں معاشی استحکام کیلئے اقدامات کر رہی ہے اور عوام کو ریلیف فراہم کرنا ہماری اولین ترجیح ہے ۔ انہوں نے کہا کہ کرونا وائرس کی دوسری لہر کے پیش نظر ایس او پیز پر عملدرآمد یقینی بنایا جائے ۔ صوبائی حکومت نے تعلیمی اداروں کی بندش کے حوالے سے اہم فیصلہ کیا ہے جبکہ اپوزیشن جماعتوں

61
بلیٹن
روزنامہ اکثریت

پشاور ( اکثریت نیوز ) وزیراعظم عمران خان نے کہا ہے کہ حکومت ملک میں معاشی استحکام کیلئے اقدامات کر رہی ہے اور عوام کو ریلیف فراہم کرنا ہماری اولین ترجیح ہے ۔ انہوں نے کہا

62
بلیٹن
روزنامہ اکثریت

پشاور ( اکثریت نیوز ) وزیراعظم عمران خان نے کہا ہے کہ حکومت ملک میں معاشی استحکام کیلئے اقدامات کر رہی ہے اور عوام کو ریلیف فراہم کرنا ہماری اولین ترجیح ہے ۔ انہوں نے کہا

63
بلیٹن
روزنامہ اکثریت

پشاور ( اکثریت نیوز ) وزیراعظم عمران خان نے کہا ہے کہ حکومت ملک میں معاشی استحکام کیلئے اقدامات کر رہی ہے اور عوام کو ریلیف فراہم کرنا ہماری اولین ترجیح ہے ۔ انہوں نے کہا کہ کرونا وائرس کی دوسری لہر کے پیش نظر ایس او پیز پر عملدرآمد یقینی بنایا جائے ۔ صوبائی حکومت نے تعلیمی اداروں کی بندش کے حوالے سے اہم فیصلہ کیا ہے جبکہ اپوزیشن جماعتوں نے جلسوں کا شیڈول جاری کر دیا ہے ۔ وفاقی وزیر نے کہا کہ ملک میں

64
بلیٹن
روزنامہ اکثریت

پشاور ( اکثریت نیوز ) وزیراعظم عمران خان نے کہا ہے کہ حکومت ملک میں معاشی استحکام کیلئے اقدامات کر رہی ہے اور عوام کو ریلیف فراہم کرنا ہماری اولین ترجیح ہے ۔ انہوں نے کہا کہ کرونا وائرس کی دوسری لہر کے

65
بلیٹن
روزنامہ اکثریت

پشاور ( اکثریت نیوز ) وزیراعظم عمران خان نے کہا ہے کہ حکومت ملک میں معاشی استحکام کیلئے اقدامات کر رہی ہے اور عوام کو ریلیف فراہم کرنا

66
بلیٹن
روزنامہ اکثریت

پشاور ( اکثریت نیوز ) وزیراعظم عمران خان نے کہا ہے کہ حکومت ملک میں معاشی استحکام کیلئے اقدامات کر رہی ہے اور عوام کو ریلیف فراہم کرنا ہماری اولین ترجیح ہے ۔ انہوں نے کہا کہ کرونا وائرس کی دوسری لہر کے پیش نظر ایس او پیز پر عملدرآمد یقینی بنایا جائے ۔ صوبائی حکومت نے تعلیمی اداروں کی بندش کے حوالے سے اہم فیصلہ کیا ہے جبکہ اپوزیشن جماعتوں نے جلسوں کا شیڈول جاری کر دیا ہے ۔ وفاقی وزیر نے کہا کہ ملک میں

67
بلیٹن
روزنامہ اکثریت
68
بلیٹن
روزنامہ اکثریت

پشاور ( اکثریت نیوز ) وزیراعظم عمران خان نے کہا ہے کہ حکومت ملک میں معاشی استحکام کیلئے اقدامات کر رہی ہے اور عوام کو ریلیف فراہم کرنا ہماری اولین ترجیح ہے ۔ انہوں نے کہا کہ کرونا وائرس کی دوسری لہر کے پیش نظر ایس او پیز پر عملدرآمد یقینی بنایا جائے ۔ صوبائی حکومت نے تعلیمی اداروں کی بندش کے حوالے سے اہم فیصلہ کیا ہے جبکہ اپوزیشن جماعتوں نے جلسوں کا شیڈول جاری کر دیا ہے ۔ وفاقی وزیر نے کہا کہ ملک میں مہنگائی پر قابو پانے کیلئے ٹھوس اقدامات کئے جا رہے

69
بلیٹن
روزنامہ اکثریت

پشاور ( اکثریت نیوز ) وزیراعظم عمران خان نے کہا ہے کہ حکومت ملک میں معاشی استحکام کیلئے اقدامات کر رہی ہے اور عوام کو ریلیف فراہم کرنا ہماری اولین ترجیح ہے ۔ انہوں نے کہا کہ کرونا وائرس کی دوسری لہر کے پیش نظر ایس او پیز پر عملدرآمد یقینی بنایا جائے ۔ صوبائی حکومت نے تعلیمی اداروں کی بندش کے حوالے سے اہم فیصلہ کیا ہے جبکہ اپوزیشن جماعتوں نے جلسوں کا شیڈول جاری کر دیا ہے ۔ وفاقی وزیر نے کہا کہ ملک میں مہنگائی پر قابو پانے کیلئے ٹھوس اقدامات کئے جا رہے ہیں اور آٹا و چینی کی قیمتوں میں کمی آئے گی ۔

پشاور ( اکثریت نیوز ) وزیراعظم عمران خان نے کہا ہے کہ حکومت ملک میں

70
بلیٹن
روزنامہ اکثریت

پشاور ( اکثریت نیوز ) وزیراعظم عمران خان نے کہا ہے کہ حکومت ملک میں معاشی استحکام کیلئے اقدامات کر رہی ہے اور عوام کو ریلیف فراہم کرنا ہماری اولین ترجیح ہے ۔ انہوں نے کہا کہ کرونا وائرس کی دوسری لہر کے پیش نظر ایس او پیز پر عملدرآمد یقینی بنایا جائے ۔ صوبائی حکومت نے تعلیمی اداروں کی بندش کے حوالے سے اہم فیصلہ کیا ہے جبکہ اپوزیشن جماعتوں نے جلسوں کا شیڈول جاری کر دیا ہے ۔ وفاقی وزیر نے کہا کہ ملک میں مہنگائی پر قابو پانے کیلئے ٹھوس اقدامات کئے جا رہے ہیں اور آٹا و چینی کی قیمتوں میں کمی آئے گی ۔

پشاور ( اکثریت نیوز ) وزیراعظم عمران خان نے کہا ہے کہ حکومت ملک میں

71
بلیٹن
روزنامہ اکثریت

پشاور ( اکثریت نیوز ) وزیراعظم عمران خان نے کہا ہے کہ حکومت ملک میں معاشی استحکام کیلئے اقدامات کر رہی ہے اور عوام کو ریلیف فراہم کرنا ہماری اولین ترجیح ہے ۔ انہوں نے کہا کہ کرونا وائرس کی دوسری لہر کے پیش نظر ایس او پیز پر

72
بلیٹن
روزنامہ اکثریت

پشاور ( اکثریت نیوز ) وزیراعظم عمران خان نے کہا ہے کہ حکومت ملک میں معاشی استحکام کیلئے اقدامات کر رہی ہے اور عوام کو ریلیف فراہم کرنا ہماری اولین ترجیح ہے ۔ انہوں نے کہا کہ کرونا وائرس کی دوسری لہر کے پیش نظر ایس او پیز پر عملدرآمد یقینی بنایا جائے ۔ صوبائی حکومت نے تعلیمی اداروں کی بندش کے حوالے سے اہم فیصلہ کیا ہے جبکہ اپوزیشن جماعتوں نے جلسوں کا شیڈول جاری کر دیا ہے ۔ وفاقی وزیر نے کہا کہ ملک میں مہنگائی پر قابو پانے کیلئے ٹھوس اقدامات کئے جا رہے ہیں اور آٹا و چینی کی قیمتوں میں کمی آئے گی ۔

73
بلیٹن
روزنامہ اکثریت

پشاور ( اکثریت نیوز ) وزیراعظم عمران خان نے کہا ہے کہ حکومت ملک میں معاشی استحکام کیلئے اقدامات کر رہی ہے اور عوام کو ریلیف فراہم کرنا ہماری اولین ترجیح ہے ۔ انہوں نے کہا کہ کرونا وائرس کی دوسری لہر کے پیش نظر ایس او پیز پر عملدرآمد یقینی بنایا جائے ۔ صوبائی حکومت نے تعلیمی اداروں کی بندش کے حوالے سے اہم فیصلہ کیا ہے جبکہ اپوزیشن جماعتوں

74
بلیٹن
روزنامہ اکثریت

پشاور ( اکثریت نیوز ) وزیراعظم عمران خان نے کہا ہے کہ حکومت ملک میں معاشی استحکام کیلئے اقدامات کر رہی ہے اور عوام کو ریلیف فراہم کرنا ہماری اولین ترجیح ہے ۔ انہوں نے کہا کہ کرونا وائرس کی دوسری لہر کے پیش نظر ایس او پیز پر عملدرآمد یقینی بنایا جائے ۔ صوبائی حکومت نے تعلیمی اداروں کی بندش کے حوالے سے اہم فیصلہ کیا ہے جبکہ اپوزیشن جماعتوں نے جلسوں کا شیڈول جاری کر دیا ہے ۔ وفاقی وزیر نے کہا کہ ملک میں مہنگائی پر قابو پانے کیلئے ٹھوس اقدامات کئے جا رہے ہیں اور آٹا و چینی کی قیمتوں میں کمی آئے

75
بلیٹن
روزنامہ اکثریت

پشاور ( اکثریت نیوز ) وزیراعظم عمران خان نے کہا ہے کہ حکومت ملک میں معاشی استحکام کیلئے اقدامات کر رہی ہے اور عوام کو ریلیف فراہم کرنا ہماری اولین ترجیح ہے ۔ انہوں نے کہا کہ کرونا وائرس کی دوسری لہر کے پیش نظر ایس او پیز پر عملدرآمد یقینی بنایا جائے ۔ صوبائی حکومت نے تعلیمی اداروں کی بندش کے حوالے سے اہم فیصلہ کیا ہے جبکہ اپوزیشن جماعتوں نے جلسوں کا شیڈول جاری کر دیا ہے ۔

76
بلیٹن
روزنامہ اکثریت

پشاور ( اکثریت نیوز ) وزیراعظم عمران خان نے کہا ہے کہ حکومت ملک میں معاشی استحکام کیلئے اقدامات کر رہی ہے اور عوام کو ریلیف فراہم کرنا ہماری اولین

☆☆☆
